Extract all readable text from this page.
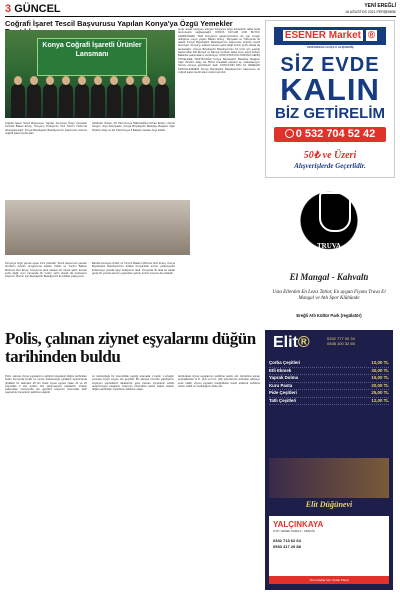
3 GÜNCEL	YENİ EREĞLİ
16 AĞUSTOS 2021 PERŞEMBE
Coğrafi İşaret Tescil Başvurusu Yapılan Konya'ya Özgü Yemekler
Konya Coğrafi İşaretli Ürünler Lansmanı
Coğrafi İşaret Tescil Başvurusu Yapılan Konya'ya Özgü Yemekler Tanıtıldı Bakan Ersoy: 'Konya'yı Türkiye'nin Yeni Turizm Yıldızı'na dönüştüreceğiz' Konya Büyükşehir Belediyesi'nin başvurusu üzerine coğrafi işaret tescili alan
Vahdettin Özkan, AK Parti Konya Milletvekilleri Orhan Erdem, Ahmet Sorgun, Ziya Altunyaldız, Konya Büyükşehir Belediye Başkanı Uğur İbrahim Altay ve AK Parti Konya İl Başkanı Hasan Angı katıldı.
Konya'ya özgü yemek ayası 10'a yükseldi. Tescil başvurusu yapılan ürünlerin tanıtım programına katılan Kültür ve Turizm Bakanı Mehmet Nuri Ersoy, Konya'nın artık sadece bir transit şehir, kervan şehri değil, aynı zamanda bir turizm şehri olarak da anılmasını istiyoruz. Bunun için Büyükşehir Belediyemiz ile birlikte çalışıyoruz.
Bandla konuşan Kültür ve Turizm Bakanı Mehmet Nuri Ersoy, Konya Büyükşehir Belediyesi'nin birlikte Konya'daki turizm potansiyelini ilerletmeye yönelik ilgiyi bekliyoruz dedi. Konya'da ilk defa bu kadar geniş bir yemek tanıtımı yapılırken şehrin turizm vizyonu da anlatıldı.
proje olarak ilerleyen süreçte Konya'ya özgü lezzetlerin daha fazla tanınmasını sağlayacağız. KONYA YAYLAM ÇOK BÜYÜK LEZZETLERE YAPI Konya'nın gastronomisinin de çok zengin olduğuna vurgu yapan Bakan Ersoy, 'Dünyada ve Türkiye'de ilk olarak Konya Büyükşehir Belediyesi'nin başvurusu üzerine tescili alınmıştır. Konya'yı sadece kervan şehri değil turizm şehri olarak da tanıtacağız. Konya Büyükşehir Belediyesi'nin 10 ürün için yaptığı başvurudan Etli Ekmek ve Bamya Çorbası daha önce tescil alırken Bakanlık çalışmalarını sürdürüyor. KONYA'NIN KÜLTÜRÜNÜ GENİŞ KİTLELERE TANITACAĞIZ Konya Büyükşehir Belediye Başkanı Uğur İbrahim Altay ise 'Bizim buradaki pareleri ve mekanlarımızı hizmet etmeye gönüllüyüz' dedi. KONYA'NIN ÖZÜ 10 YEMEĞİN TESCİLLENMESİ Konya Büyükşehir Belediyesi'nin başvurusu ile coğrafi işaret tescili alan ürünler tanıtıldı.
Polis, çalınan ziynet eşyalarını düğün tarihinden buldu
Polis, çalınan ziynet eşyalarının sahibini kolyedeki düğün tarihinden buldu Konya'da kimlik ve ziynet bahanesiyle girdikleri apartmanda girdikleri bir daireden 20 bin liralık ziynet eşyası çalan 24 ve 20 yaşındaki 2 kişi polisin titiz çalışmasıyla yakalandı. Polisin çalışmaları sonucunda ele geçirilen kolyenin üzerindeki tarih sayesinde ziynetlerin sahibine ulaşıldı.
ım durdurduğu bir otomobilde yaptığı aramada 1 kadın 1 erkeğin yanında ziynet eşyası ele geçirildi. Bir daireye hırsızlık yaptıklarını söyleyen şüphelilerin ifadelerine göre çalınan ziynetlerin sahibi araştırılmaya başlandı. Kolyenin üzerindeki tarihe bakan ekipler düğün tarihinden ziynetlerin sahibine ulaştı.
durdurarak ziynet eşyalarının sahibine teslim etti. Gözaltına alınan şüphelilerden G.Ö. (24) ve D.G. (20) işlemlerinin ardından adliyeye sevk edildi. Ziynet eşyaları fotoğraflarla tespit edilerek sahibine teslim edildi ve mutluluğunu ifade etti.
ESENER Market ®
YENİ EREĞLİ GÜÇLÜ ALIŞVERİŞ
SİZ EVDE
KALIN
BİZ GETİRELİM
0 532 704 52 42
50₺ ve Üzeri
Alışverişlerde Geçerlidir.
TRUVA
El Mangal - Kahvaltı
Usta Ellerden En Lezız Tatlar, En uygun Fiyata Truva El Mangal ve Atlı Spor Klübünde
Ereğli Atlı Kültür Park (regülatör)
Elit®	0332 777 00 34
0538 100 32 65
Çorba Çeşitleri	10,00 TL
Etli Ekmek	30,00 TL
Yaprak Dolma	15,00 TL
Kuru Pasta	20,00 TL
Pide Çeşitleri	25,00 TL
Tatlı Çeşitleri	12,00 TL
Elit Düğünevi
YALÇINKAYA
OTO YEDEK PARÇA - SERVİS
0332 713 62 64
0533 417 20 88
Tüm Araçlar İçin Yedek Parça
